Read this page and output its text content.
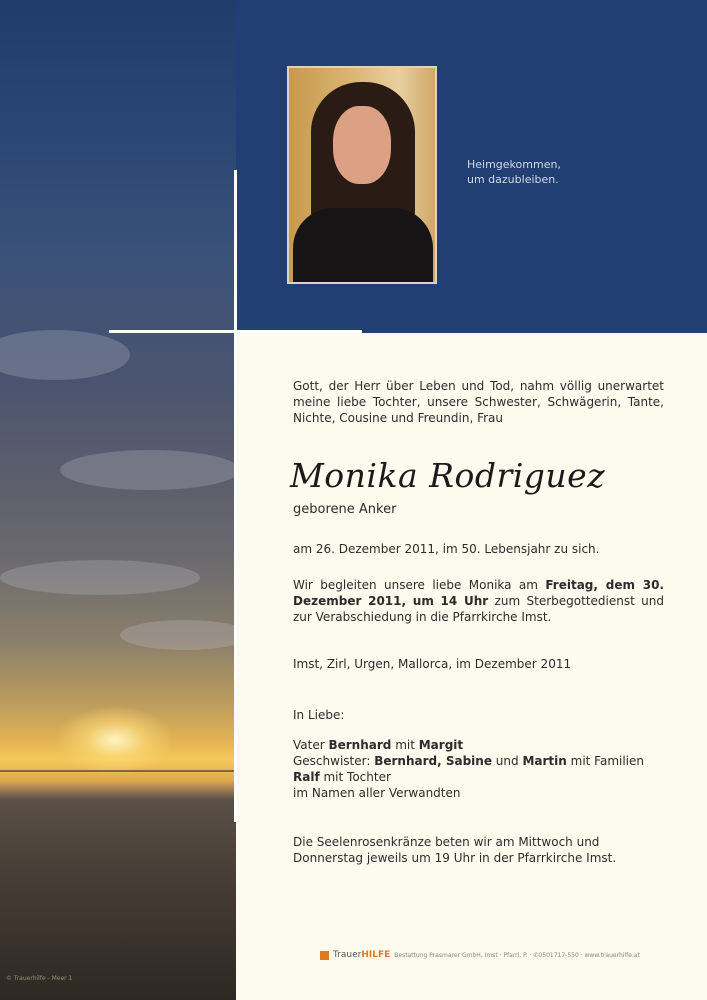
© Trauerhilfe - Meer 1
Heimgekommen,
um dazubleiben.
Gott, der Herr über Leben und Tod, nahm völlig unerwartet meine liebe Tochter, unsere Schwester, Schwägerin, Tante, Nichte, Cousine und Freundin, Frau
Monika Rodriguez
geborene Anker
am 26. Dezember 2011, im 50. Lebensjahr zu sich.
Wir begleiten unsere liebe Monika am Freitag, dem 30. Dezember 2011, um 14 Uhr zum Sterbegottedienst und zur Verabschiedung in die Pfarrkirche Imst.
Imst, Zirl, Urgen, Mallorca, im Dezember 2011
In Liebe:
Vater Bernhard mit Margit
Geschwister: Bernhard, Sabine und Martin mit Familien
Ralf mit Tochter
im Namen aller Verwandten
Die Seelenrosenkränze beten wir am Mittwoch und Donnerstag jeweils um 19 Uhr in der Pfarrkirche Imst.
TrauerHILFE Bestattung Prasmarer GmbH, Imst · Pfarrl. P. · ✆0501717-550 · www.trauerhilfe.at
